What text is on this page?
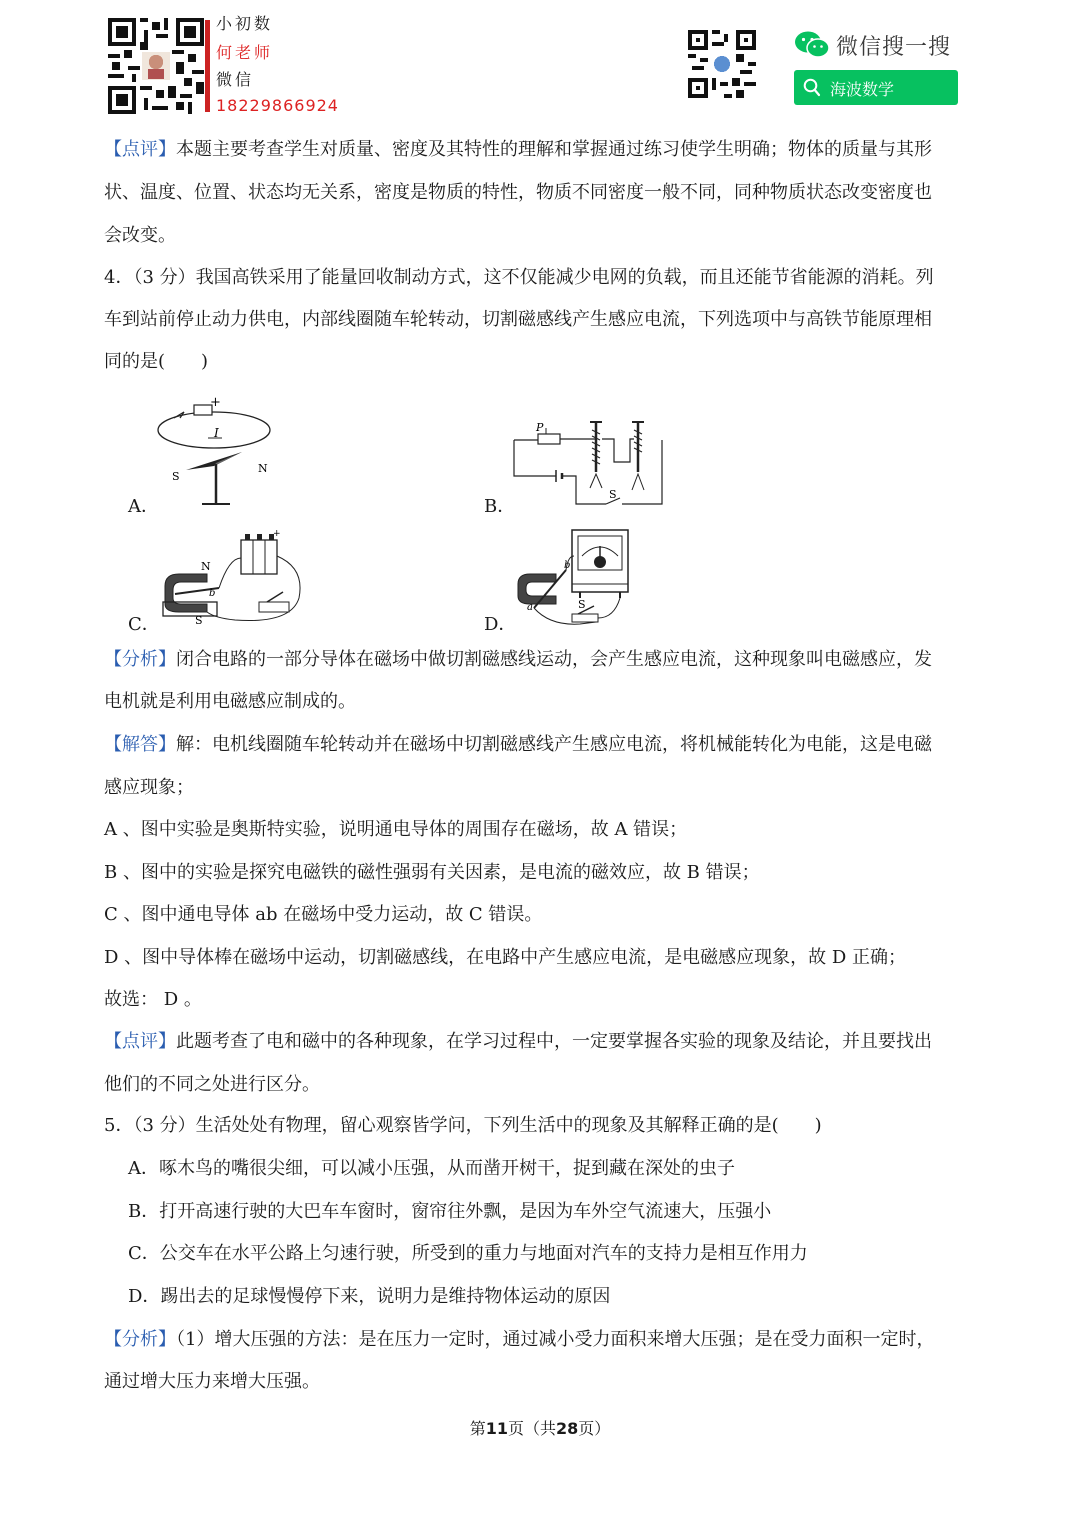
小初数
何老师
微信
18229866924
微信搜一搜
海波数学
【点评】本题主要考查学生对质量、密度及其特性的理解和掌握通过练习使学生明确；物体的质量与其形
状、温度、位置、状态均无关系，密度是物质的特性，物质不同密度一般不同，同种物质状态改变密度也
会改变。
4．（3 分）我国高铁采用了能量回收制动方式，这不仅能减少电网的负载，而且还能节省能源的消耗。列
车到站前停止动力供电，内部线圈随车轮转动，切割磁感线产生感应电流，下列选项中与高铁节能原理相
同的是(　　)
A．
+
I
S
N
B．
S
P
C．
+
N
b
S	D．
b
a	S
【分析】闭合电路的一部分导体在磁场中做切割磁感线运动，会产生感应电流，这种现象叫电磁感应，发
电机就是利用电磁感应制成的。
【解答】解：电机线圈随车轮转动并在磁场中切割磁感线产生感应电流，将机械能转化为电能，这是电磁
感应现象；
A 、图中实验是奥斯特实验，说明通电导体的周围存在磁场，故 A 错误；
B 、图中的实验是探究电磁铁的磁性强弱有关因素，是电流的磁效应，故 B 错误；
C 、图中通电导体 ab 在磁场中受力运动，故 C 错误。
D 、图中导体棒在磁场中运动，切割磁感线，在电路中产生感应电流，是电磁感应现象，故 D 正确；
故选： D 。
【点评】此题考查了电和磁中的各种现象，在学习过程中，一定要掌握各实验的现象及结论，并且要找出
他们的不同之处进行区分。
5．（3 分）生活处处有物理，留心观察皆学问，下列生活中的现象及其解释正确的是(　　)
A．啄木鸟的嘴很尖细，可以减小压强，从而凿开树干，捉到藏在深处的虫子
B．打开高速行驶的大巴车车窗时，窗帘往外飘，是因为车外空气流速大，压强小
C．公交车在水平公路上匀速行驶，所受到的重力与地面对汽车的支持力是相互作用力
D．踢出去的足球慢慢停下来，说明力是维持物体运动的原因
【分析】（1）增大压强的方法：是在压力一定时，通过减小受力面积来增大压强；是在受力面积一定时，
通过增大压力来增大压强。
第11页（共28页）
